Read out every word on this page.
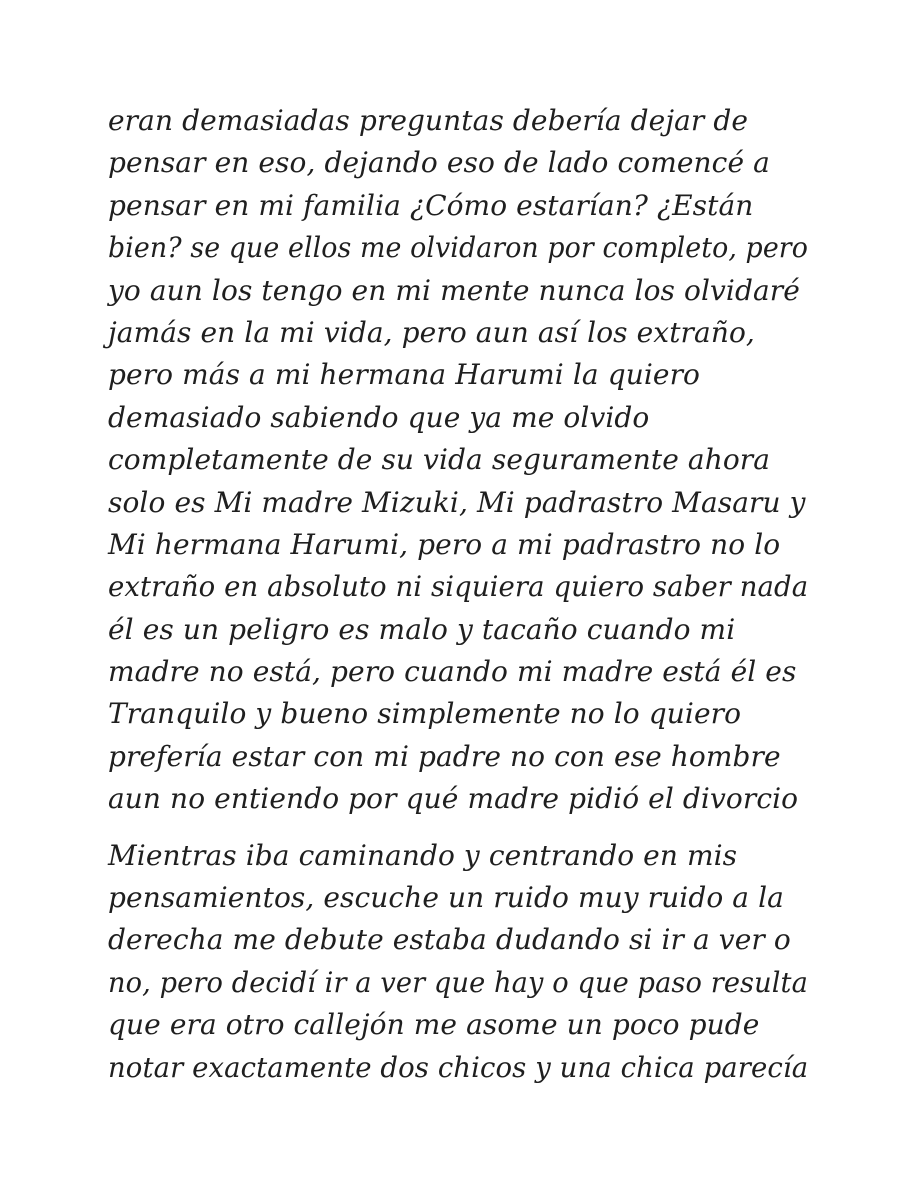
eran demasiadas preguntas debería dejar de
pensar en eso, dejando eso de lado comencé a
pensar en mi familia ¿Cómo estarían? ¿Están
bien? se que ellos me olvidaron por completo, pero
yo aun los tengo en mi mente nunca los olvidaré
jamás en la mi vida, pero aun así los extraño,
pero más a mi hermana Harumi la quiero
demasiado sabiendo que ya me olvido
completamente de su vida seguramente ahora
solo es Mi madre Mizuki, Mi padrastro Masaru y
Mi hermana Harumi, pero a mi padrastro no lo
extraño en absoluto ni siquiera quiero saber nada
él es un peligro es malo y tacaño cuando mi
madre no está, pero cuando mi madre está él es
Tranquilo y bueno simplemente no lo quiero
prefería estar con mi padre no con ese hombre
aun no entiendo por qué madre pidió el divorcio

Mientras iba caminando y centrando en mis
pensamientos, escuche un ruido muy ruido a la
derecha me debute estaba dudando si ir a ver o
no, pero decidí ir a ver que hay o que paso resulta
que era otro callejón me asome un poco pude
notar exactamente dos chicos y una chica parecía
